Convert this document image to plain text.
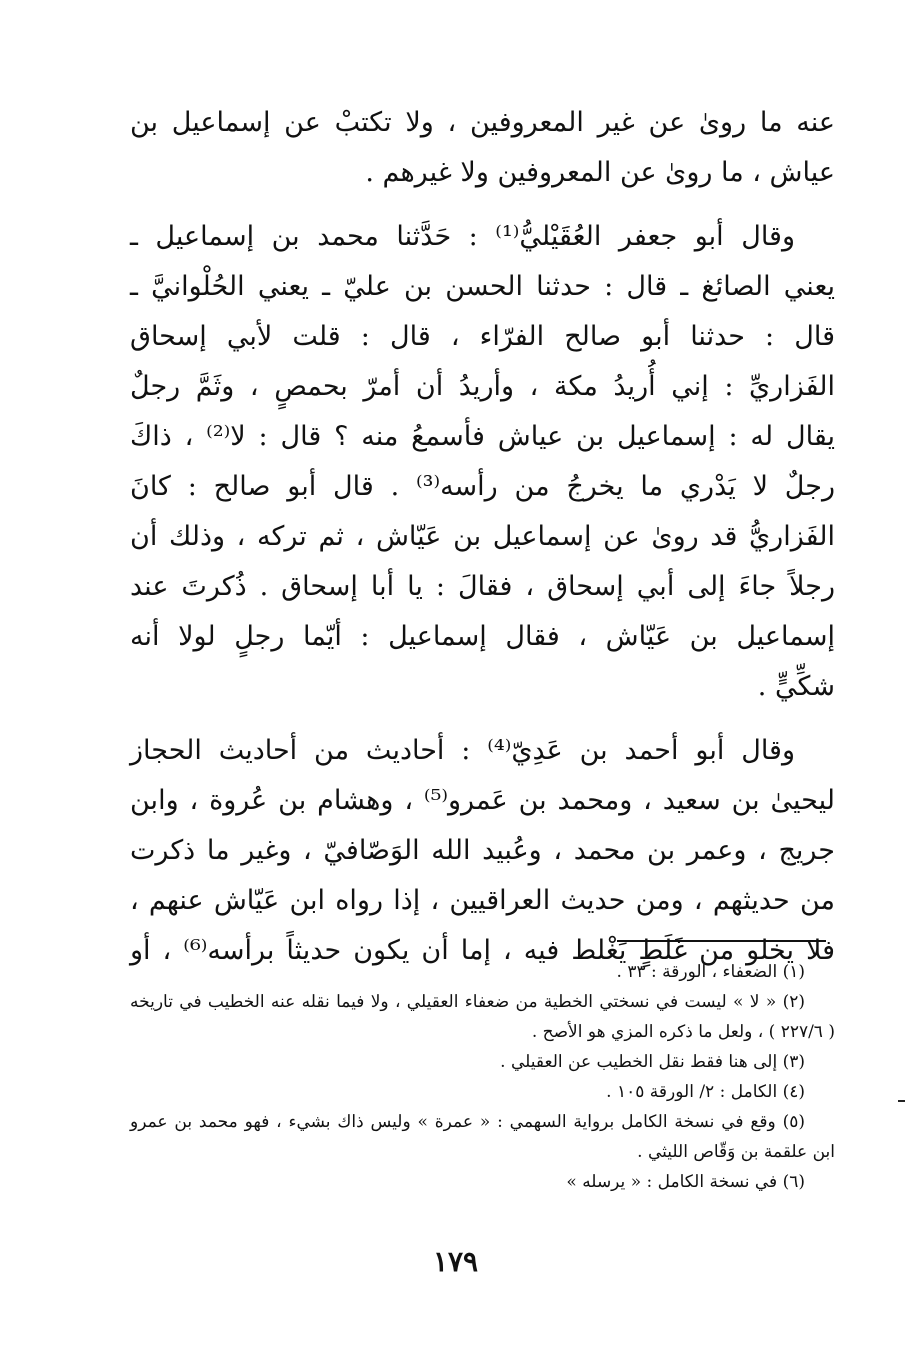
عنه ما روىٰ عن غير المعروفين ، ولا تكتبْ عن إسماعيل بن
عياش ، ما روىٰ عن المعروفين ولا غيرهم .

وقال أبو جعفر العُقَيْليُّ⁽¹⁾ : حَدَّثنا محمد بن إسماعيل ـ
يعني الصائغ ـ قال : حدثنا الحسن بن عليّ ـ يعني الحُلْوانيَّ ـ
قال : حدثنا أبو صالح الفرّاء ، قال : قلت لأبي إسحاق
الفَزاريِّ : إني أُريدُ مكة ، وأريدُ أن أمرّ بحمصٍ ، وثَمَّ رجلٌ
يقال له : إسماعيل بن عياش فأسمعُ منه ؟ قال : لا⁽²⁾ ، ذاكَ
رجلٌ لا يَدْري ما يخرجُ من رأسه⁽³⁾ . قال أبو صالح : كانَ
الفَزاريُّ قد روىٰ عن إسماعيل بن عَيّاش ، ثم تركه ، وذلك أن
رجلاً جاءَ إلى أبي إسحاق ، فقالَ : يا أبا إسحاق . ذُكرتَ عند
إسماعيل بن عَيّاش ، فقال إسماعيل : أيّما رجلٍ لولا أنه
شكِّيٍّ .

وقال أبو أحمد بن عَدِيّ⁽⁴⁾ : أحاديث من أحاديث الحجاز
ليحيىٰ بن سعيد ، ومحمد بن عَمرو⁽⁵⁾ ، وهشام بن عُروة ، وابن
جريج ، وعمر بن محمد ، وعُبيد الله الوَصّافيّ ، وغير ما ذكرت
من حديثهم ، ومن حديث العراقيين ، إذا رواه ابن عَيّاش عنهم ،
فلا يخلو من غَلَطٍ يَغْلط فيه ، إما أن يكون حديثاً برأسه⁽⁶⁾ ، أو

(١) الضعفاء ، الورقة : ٣٣ .

(٢) « لا » ليست في نسختي الخطية من ضعفاء العقيلي ، ولا فيما نقله عنه الخطيب في تاريخه
( ٢٢٧/٦ ) ، ولعل ما ذكره المزي هو الأصح .

(٣) إلى هنا فقط نقل الخطيب عن العقيلي .

(٤) الكامل : ٢/ الورقة ١٠٥ .

(٥) وقع في نسخة الكامل برواية السهمي : « عمرة » وليس ذاك بشيء ، فهو محمد بن عمرو
ابن علقمة بن وَقّاص الليثي .

(٦) في نسخة الكامل : « يرسله »

١٧٩
